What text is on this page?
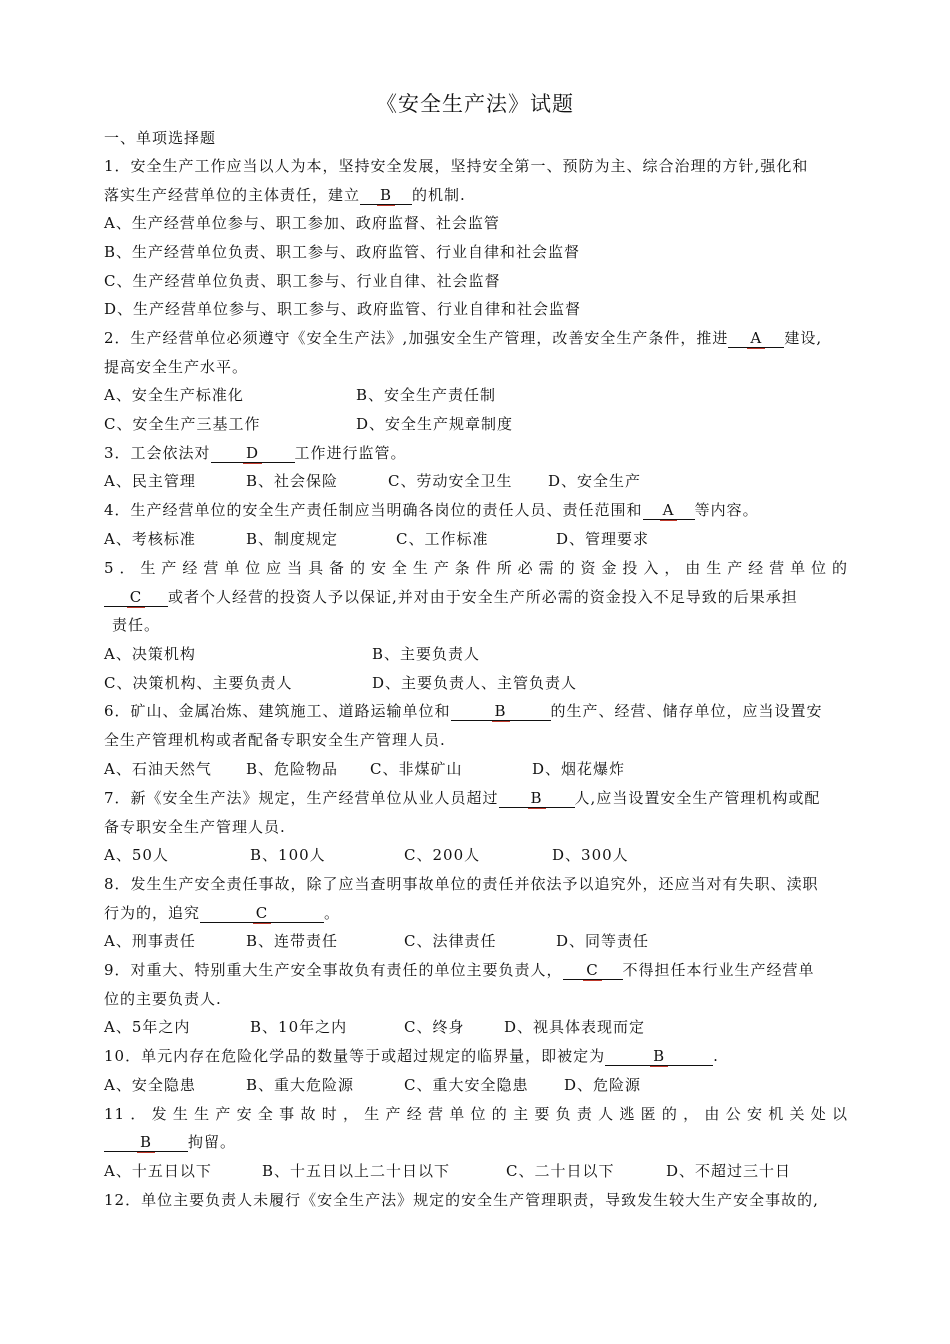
《安全生产法》试题
一、单项选择题
1．安全生产工作应当以人为本，坚持安全发展，坚持安全第一、预防为主、综合治理的方针,强化和
落实生产经营单位的主体责任，建立 B 的机制.
A、生产经营单位参与、职工参加、政府监督、社会监管
B、生产经营单位负责、职工参与、政府监管、行业自律和社会监督
C、生产经营单位负责、职工参与、行业自律、社会监督
D、生产经营单位参与、职工参与、政府监管、行业自律和社会监督
2．生产经营单位必须遵守《安全生产法》,加强安全生产管理，改善安全生产条件，推进 A 建设,
提高安全生产水平。
A、安全生产标准化	B、安全生产责任制
C、安全生产三基工作	D、安全生产规章制度
3．工会依法对 D 工作进行监管。
A、民主管理	B、社会保险	C、劳动安全卫生 D、安全生产
4．生产经营单位的安全生产责任制应当明确各岗位的责任人员、责任范围和 A 等内容。
A、考核标准	B、制度规定	C、工作标准	D、管理要求
5．生产经营单位应当具备的安全生产条件所必需的资金投入，由生产经营单位的
C 或者个人经营的投资人予以保证,并对由于安全生产所必需的资金投入不足导致的后果承担
责任。
A、决策机构	B、主要负责人
C、决策机构、主要负责人	D、主要负责人、主管负责人
6．矿山、金属冶炼、建筑施工、道路运输单位和	B	的生产、经营、储存单位，应当设置安
全生产管理机构或者配备专职安全生产管理人员.
A、石油天然气 B、危险物品 C、非煤矿山	D、烟花爆炸
7．新《安全生产法》规定，生产经营单位从业人员超过 B 人,应当设置安全生产管理机构或配
备专职安全生产管理人员.
A、50人	B、100人	C、200人	D、300人
8．发生生产安全责任事故，除了应当查明事故单位的责任并依法予以追究外，还应当对有失职、渎职
行为的，追究	C	。
A、刑事责任	B、连带责任	C、法律责任	D、同等责任
9．对重大、特别重大生产安全事故负有责任的单位主要负责人， C 不得担任本行业生产经营单
位的主要负责人.
A、5年之内	B、10年之内	C、终身	D、视具体表现而定
10．单元内存在危险化学品的数量等于或超过规定的临界量，即被定为	B	.
A、安全隐患	B、重大危险源	C、重大安全隐患 D、危险源
11．发生生产安全事故时，生产经营单位的主要负责人逃匿的，由公安机关处以
B 拘留。
A、十五日以下	B、十五日以上二十日以下	C、二十日以下	D、不超过三十日
12．单位主要负责人未履行《安全生产法》规定的安全生产管理职责，导致发生较大生产安全事故的,
